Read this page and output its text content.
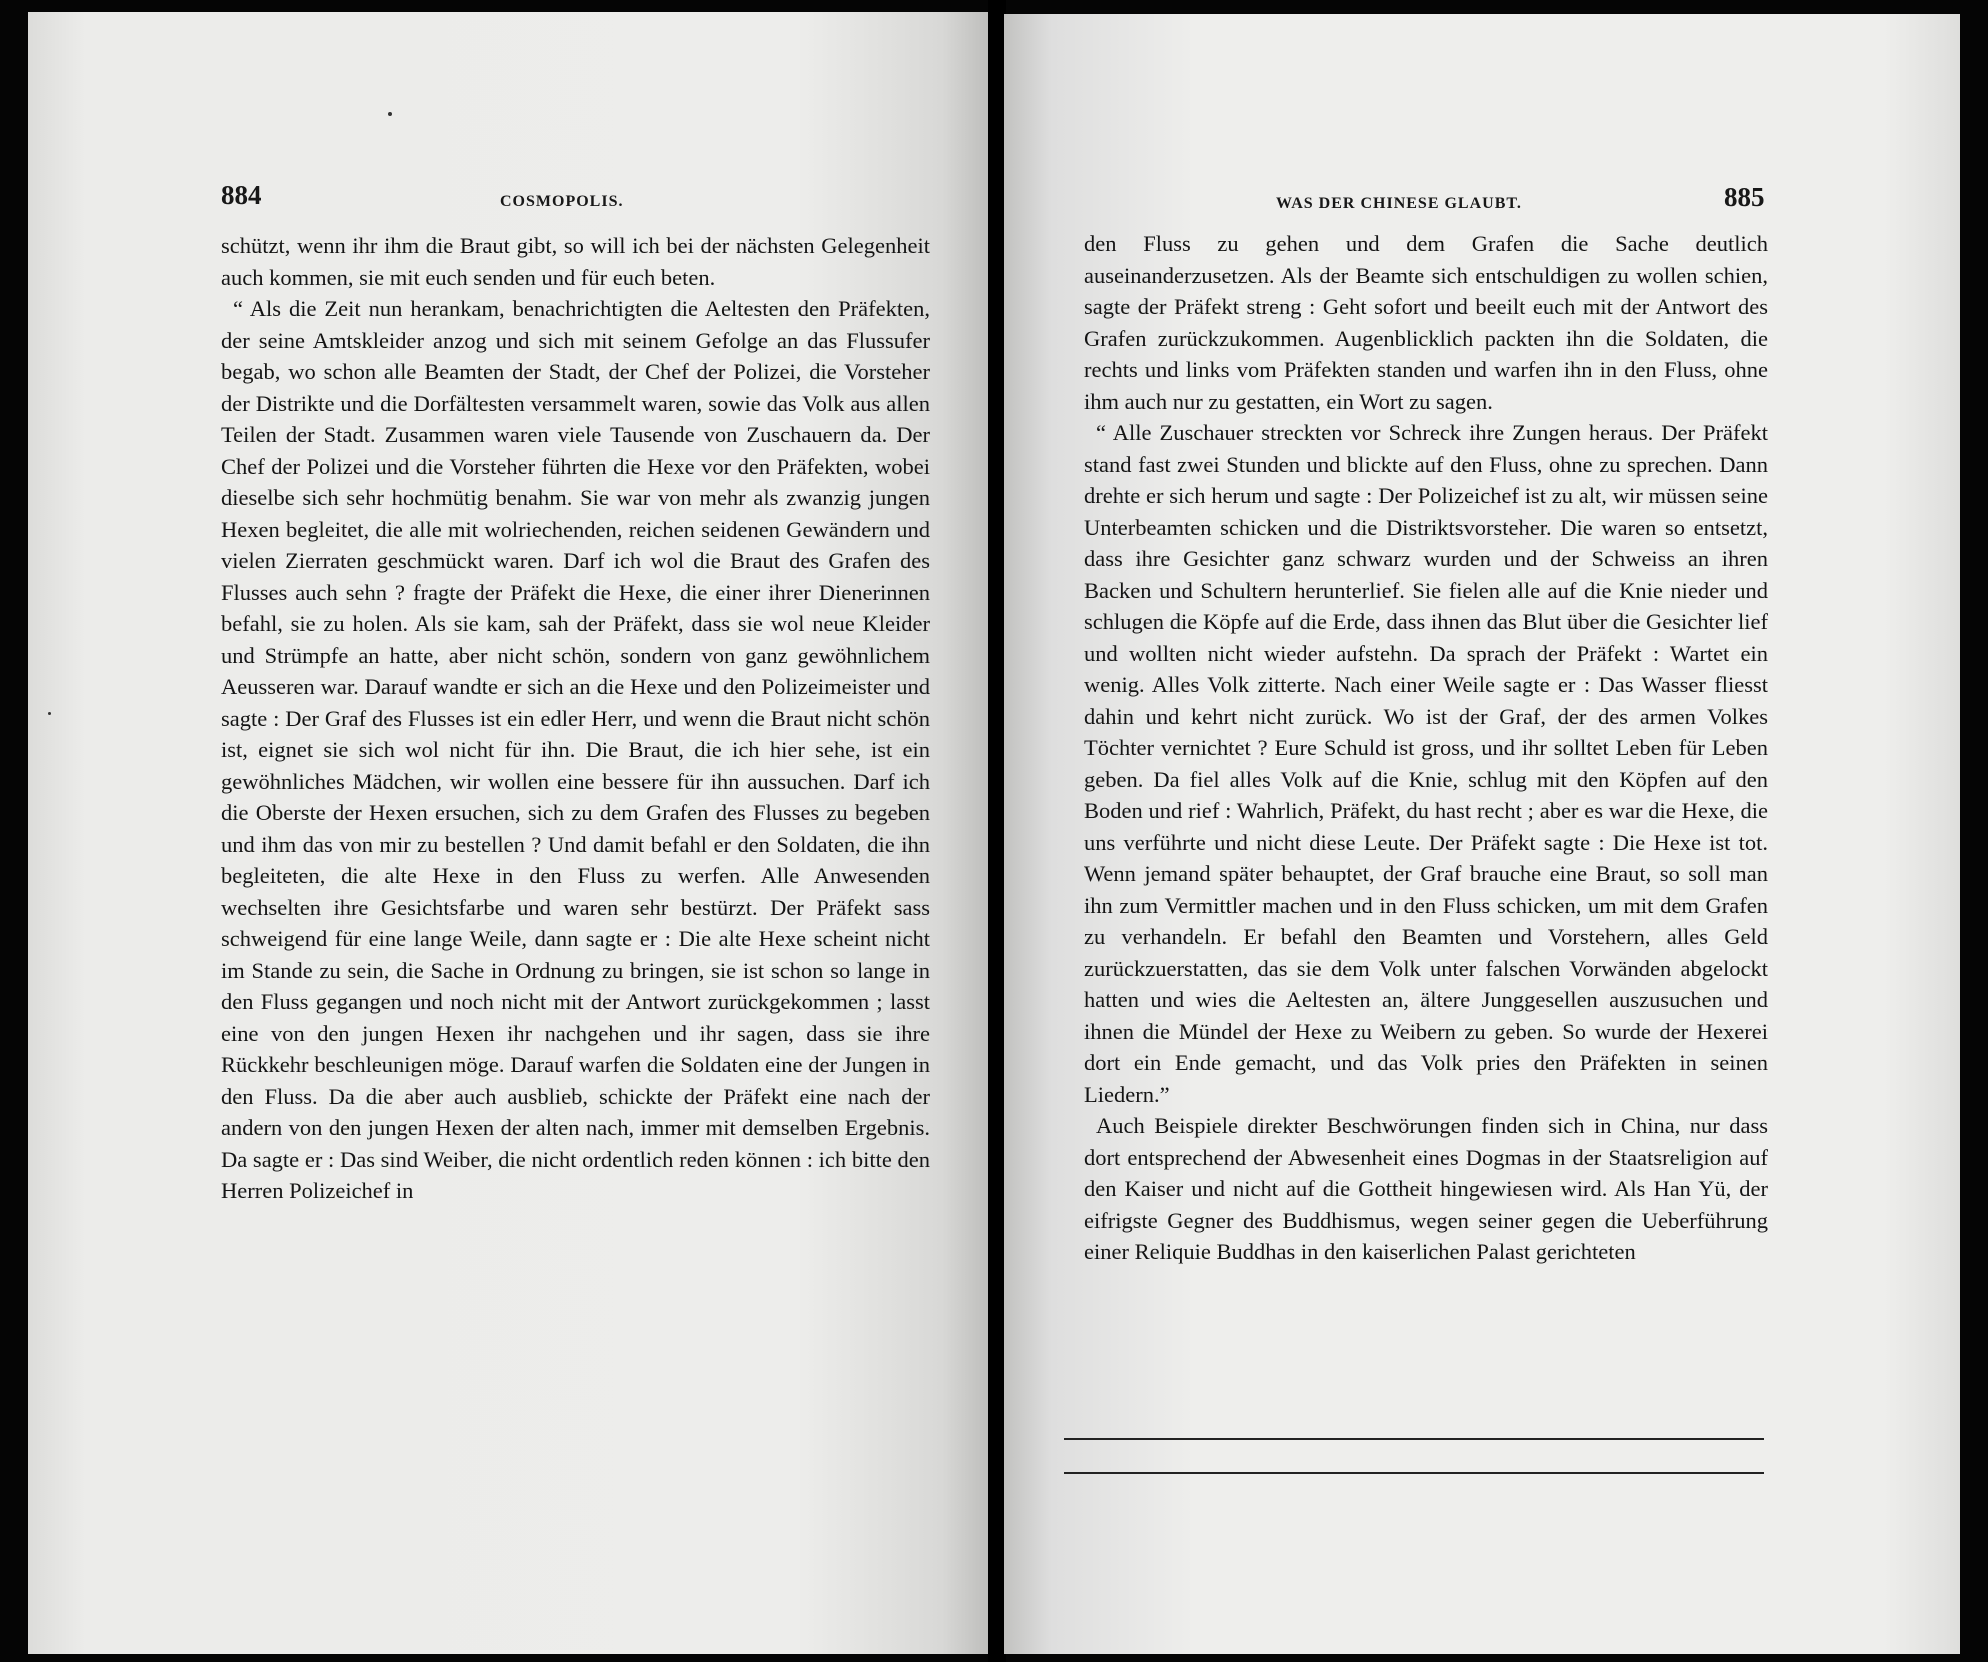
884	COSMOPOLIS.

schützt, wenn ihr ihm die Braut gibt, so will ich bei der nächsten Gelegenheit auch kommen, sie mit euch senden und für euch beten.

“ Als die Zeit nun herankam, benachrichtigten die Aeltesten den Präfekten, der seine Amtskleider anzog und sich mit seinem Gefolge an das Flussufer begab, wo schon alle Beamten der Stadt, der Chef der Polizei, die Vorsteher der Distrikte und die Dorfältesten versammelt waren, sowie das Volk aus allen Teilen der Stadt. Zusammen waren viele Tausende von Zuschauern da. Der Chef der Polizei und die Vorsteher führten die Hexe vor den Präfekten, wobei dieselbe sich sehr hochmütig benahm. Sie war von mehr als zwanzig jungen Hexen begleitet, die alle mit wolriechenden, reichen seidenen Gewändern und vielen Zierraten geschmückt waren. Darf ich wol die Braut des Grafen des Flusses auch sehn ? fragte der Präfekt die Hexe, die einer ihrer Dienerinnen befahl, sie zu holen. Als sie kam, sah der Präfekt, dass sie wol neue Kleider und Strümpfe an hatte, aber nicht schön, sondern von ganz gewöhnlichem Aeusseren war. Darauf wandte er sich an die Hexe und den Polizeimeister und sagte : Der Graf des Flusses ist ein edler Herr, und wenn die Braut nicht schön ist, eignet sie sich wol nicht für ihn. Die Braut, die ich hier sehe, ist ein gewöhnliches Mädchen, wir wollen eine bessere für ihn aussuchen. Darf ich die Oberste der Hexen ersuchen, sich zu dem Grafen des Flusses zu begeben und ihm das von mir zu bestellen ? Und damit befahl er den Soldaten, die ihn begleiteten, die alte Hexe in den Fluss zu werfen. Alle Anwesenden wechselten ihre Gesichtsfarbe und waren sehr bestürzt. Der Präfekt sass schweigend für eine lange Weile, dann sagte er : Die alte Hexe scheint nicht im Stande zu sein, die Sache in Ordnung zu bringen, sie ist schon so lange in den Fluss gegangen und noch nicht mit der Antwort zurückgekommen ; lasst eine von den jungen Hexen ihr nachgehen und ihr sagen, dass sie ihre Rückkehr beschleunigen möge. Darauf warfen die Soldaten eine der Jungen in den Fluss. Da die aber auch ausblieb, schickte der Präfekt eine nach der andern von den jungen Hexen der alten nach, immer mit demselben Ergebnis. Da sagte er : Das sind Weiber, die nicht ordentlich reden können : ich bitte den Herren Polizeichef in

WAS DER CHINESE GLAUBT.	885

den Fluss zu gehen und dem Grafen die Sache deutlich auseinanderzusetzen. Als der Beamte sich entschuldigen zu wollen schien, sagte der Präfekt streng : Geht sofort und beeilt euch mit der Antwort des Grafen zurückzukommen. Augenblicklich packten ihn die Soldaten, die rechts und links vom Präfekten standen und warfen ihn in den Fluss, ohne ihm auch nur zu gestatten, ein Wort zu sagen.

“ Alle Zuschauer streckten vor Schreck ihre Zungen heraus. Der Präfekt stand fast zwei Stunden und blickte auf den Fluss, ohne zu sprechen. Dann drehte er sich herum und sagte : Der Polizeichef ist zu alt, wir müssen seine Unterbeamten schicken und die Distriktsvorsteher. Die waren so entsetzt, dass ihre Gesichter ganz schwarz wurden und der Schweiss an ihren Backen und Schultern herunterlief. Sie fielen alle auf die Knie nieder und schlugen die Köpfe auf die Erde, dass ihnen das Blut über die Gesichter lief und wollten nicht wieder aufstehn. Da sprach der Präfekt : Wartet ein wenig. Alles Volk zitterte. Nach einer Weile sagte er : Das Wasser fliesst dahin und kehrt nicht zurück. Wo ist der Graf, der des armen Volkes Töchter vernichtet ? Eure Schuld ist gross, und ihr solltet Leben für Leben geben. Da fiel alles Volk auf die Knie, schlug mit den Köpfen auf den Boden und rief : Wahrlich, Präfekt, du hast recht ; aber es war die Hexe, die uns verführte und nicht diese Leute. Der Präfekt sagte : Die Hexe ist tot. Wenn jemand später behauptet, der Graf brauche eine Braut, so soll man ihn zum Vermittler machen und in den Fluss schicken, um mit dem Grafen zu verhandeln. Er befahl den Beamten und Vorstehern, alles Geld zurückzuerstatten, das sie dem Volk unter falschen Vorwänden abgelockt hatten und wies die Aeltesten an, ältere Junggesellen auszusuchen und ihnen die Mündel der Hexe zu Weibern zu geben. So wurde der Hexerei dort ein Ende gemacht, und das Volk pries den Präfekten in seinen Liedern.”

Auch Beispiele direkter Beschwörungen finden sich in China, nur dass dort entsprechend der Abwesenheit eines Dogmas in der Staatsreligion auf den Kaiser und nicht auf die Gottheit hingewiesen wird. Als Han Yü, der eifrigste Gegner des Buddhismus, wegen seiner gegen die Ueberführung einer Reliquie Buddhas in den kaiserlichen Palast gerichteten
